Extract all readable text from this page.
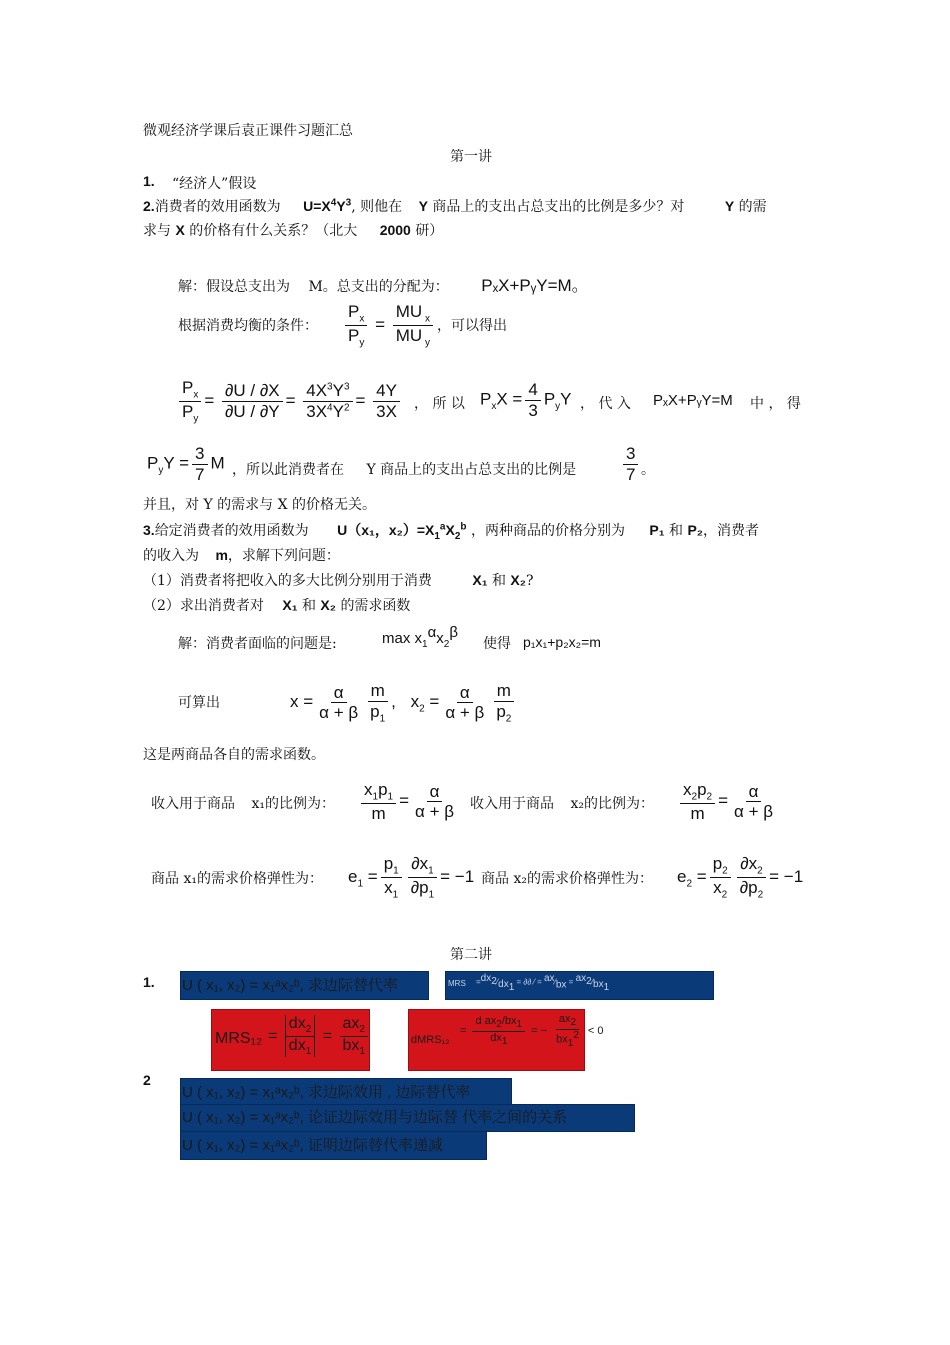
微观经济学课后袁正课件习题汇总
第一讲
1. “经济人”假设
2.消费者的效用函数为 $U=X^4Y^3$, 则他在 Y 商品上的支出占总支出的比例是多少？对	Y 的需
求与 X 的价格有什么关系？（北大 2000 研）
解：假设总支出为 M。总支出的分配为： PₓX+PᵧY=M。
根据消费均衡的条件： $\frac{P_x}{P_y} = \frac{MU _x}{MU _y}$ ，可以得出
$\frac{P_x}{P_y} = \frac{\partial U / \partial X}{\partial U / \partial Y} = \frac{4X^3Y^3}{3X^4Y^2} = \frac{4Y}{3X}$ ， 所 以 $P_xX = \frac{4}{3} P_yY$ ， 代 入 PₓX+PᵧY=M 中 ， 得
$P_yY = \frac{3}{7}$ M ，所以此消费者在 Y 商品上的支出占总支出的比例是	$\frac{3}{7}$ 。
并且，对 Y 的需求与 X 的价格无关。
3.给定消费者的效用函数为 U（x₁，$x_2)=X_1^aX_2^b$ ，两种商品的价格分别为 P₁ 和 P₂，消费者
的收入为 m，求解下列问题：
（1）消费者将把收入的多大比例分别用于消费	X₁ 和 X₂?
（2）求出消费者对 X₁ 和 X₂ 的需求函数
解：消费者面临的问题是:	$\max x_1^\alpha x_2^\beta$
使得 p₁x₁+p₂x₂=m
可算出	$x = \frac{\alpha}{\alpha + \beta} \frac{m}{p_1}$ , $x_2 = \frac{\alpha}{\alpha + \beta} \frac{m}{p_2}$
这是两商品各自的需求函数。
收入用于商品 x₁的比例为： $\frac{x_1p_1}{m} = \frac{\alpha}{\alpha + \beta}$ 收入用于商品 x₂的比例为： $\frac{x_2p_2}{m} = \frac{\alpha}{\alpha + \beta}$
商品 x₁的需求价格弹性为： $e_1 = \frac{p_1}{x_1} \frac{\partial x_1}{\partial p_1} = -1$ 商品 x₂的需求价格弹性为： $e_2 = \frac{p_2}{x_2} \frac{\partial x_2}{\partial p_2} = -1$
第二讲
1. U ( x₁, x₂) = x₁ᵃx₂ᵇ, 求边际替代率	MRS $=^{dx_2}⁄_{dx_1}$ = ∂∂ ⁄ = $^{ax}⁄_{bx}$ = $^{ax_2}⁄_{bx_1}$
$MRS_{12} = \frac{dx_2}{dx_1} = \frac{ax_2}{bx_1}$	dMRS₁₂
= $\frac{d ax_2/bx_1}{dx_1}$ = − $\frac{ax_2}{bx_1^2} < 0$
2
U ( x₁, x₂) = x₁ᵃx₂ᵇ, 求边际效用 , 边际替代率
U ( x₁, x₂) = x₁ᵃx₂ᵇ, 论证边际效用与边际替 代率之间的关系
U ( x₁, x₂) = x₁ᵃx₂ᵇ, 证明边际替代率递减
